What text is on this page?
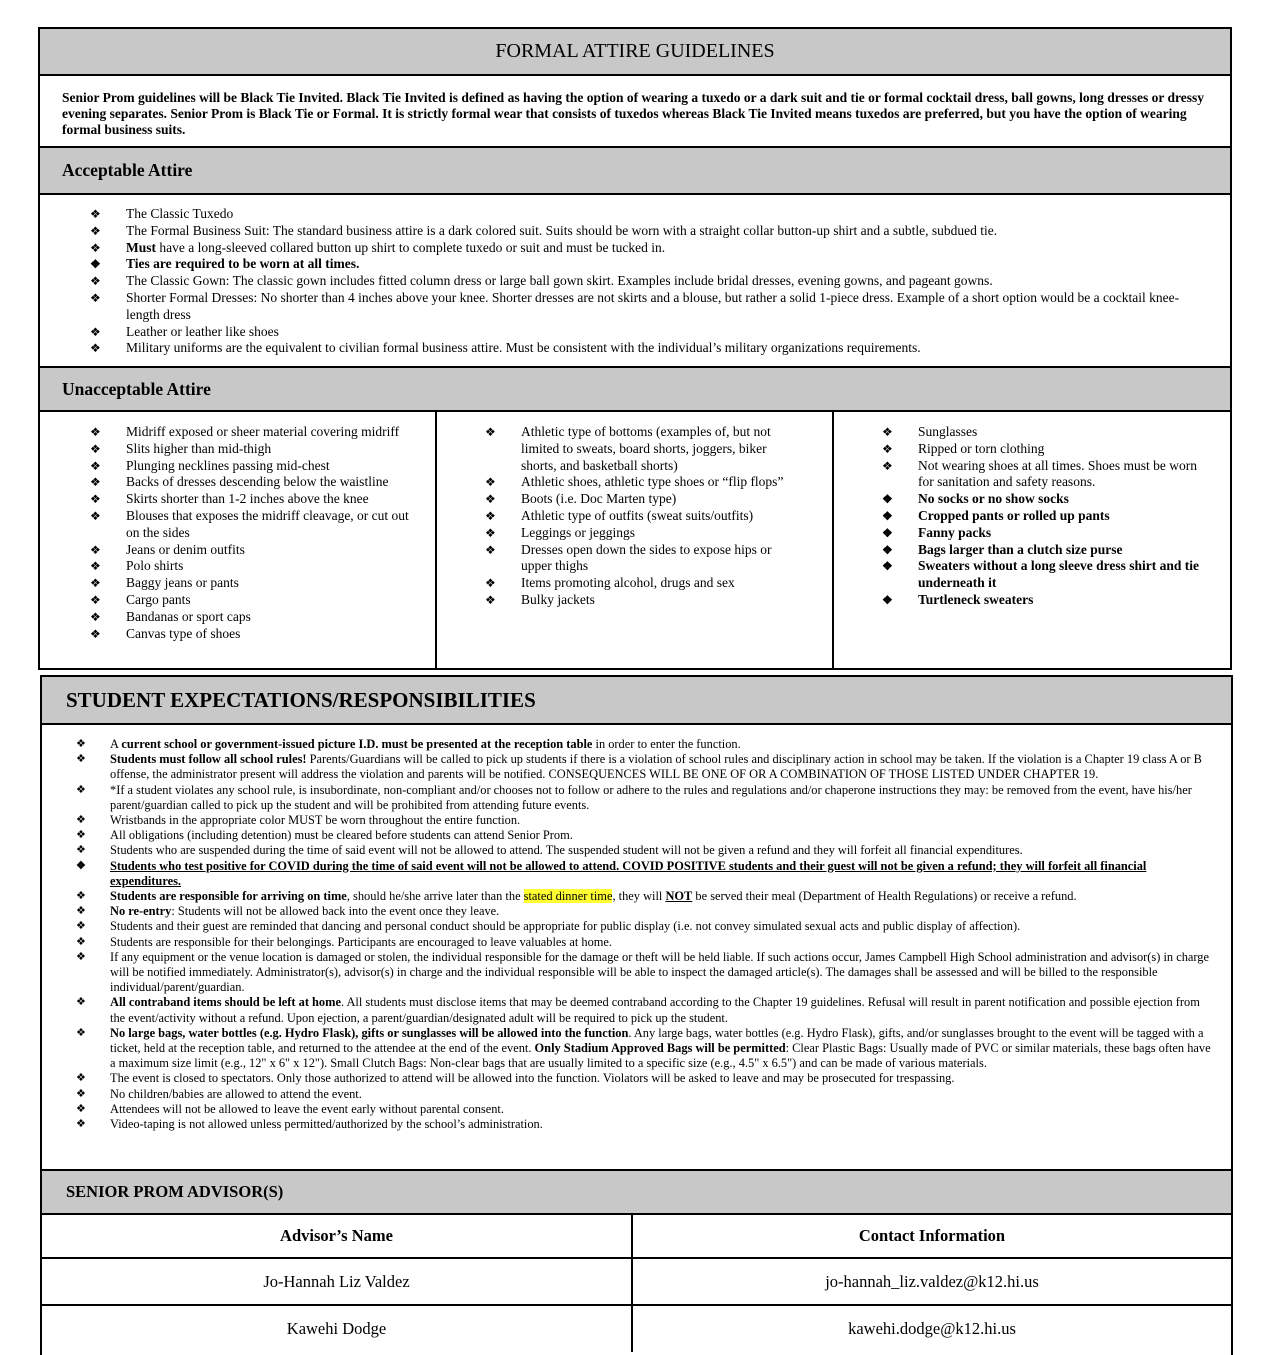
FORMAL ATTIRE GUIDELINES
Senior Prom guidelines will be Black Tie Invited. Black Tie Invited is defined as having the option of wearing a tuxedo or a dark suit and tie or formal cocktail dress, ball gowns, long dresses or dressy evening separates. Senior Prom is Black Tie or Formal. It is strictly formal wear that consists of tuxedos whereas Black Tie Invited means tuxedos are preferred, but you have the option of wearing formal business suits.
Acceptable Attire
❖ The Classic Tuxedo
❖ The Formal Business Suit: The standard business attire is a dark colored suit. Suits should be worn with a straight collar button-up shirt and a subtle, subdued tie.
❖ Must have a long-sleeved collared button up shirt to complete tuxedo or suit and must be tucked in.
❖ Ties are required to be worn at all times.
❖ The Classic Gown: The classic gown includes fitted column dress or large ball gown skirt. Examples include bridal dresses, evening gowns, and pageant gowns.
❖ Shorter Formal Dresses: No shorter than 4 inches above your knee. Shorter dresses are not skirts and a blouse, but rather a solid 1-piece dress. Example of a short option would be a cocktail knee-length dress
❖ Leather or leather like shoes
❖ Military uniforms are the equivalent to civilian formal business attire. Must be consistent with the individual’s military organizations requirements.
Unacceptable Attire
❖ Midriff exposed or sheer material covering midriff
❖ Slits higher than mid-thigh
❖ Plunging necklines passing mid-chest
❖ Backs of dresses descending below the waistline
❖ Skirts shorter than 1-2 inches above the knee
❖ Blouses that exposes the midriff cleavage, or cut out on the sides
❖ Jeans or denim outfits
❖ Polo shirts
❖ Baggy jeans or pants
❖ Cargo pants
❖ Bandanas or sport caps
❖ Canvas type of shoes
❖ Athletic type of bottoms (examples of, but not limited to sweats, board shorts, joggers, biker shorts, and basketball shorts)
❖ Athletic shoes, athletic type shoes or “flip flops”
❖ Boots (i.e. Doc Marten type)
❖ Athletic type of outfits (sweat suits/outfits)
❖ Leggings or jeggings
❖ Dresses open down the sides to expose hips or upper thighs
❖ Items promoting alcohol, drugs and sex
❖ Bulky jackets
❖ Sunglasses
❖ Ripped or torn clothing
❖ Not wearing shoes at all times. Shoes must be worn for sanitation and safety reasons.
❖ No socks or no show socks
❖ Cropped pants or rolled up pants
❖ Fanny packs
❖ Bags larger than a clutch size purse
❖ Sweaters without a long sleeve dress shirt and tie underneath it
❖ Turtleneck sweaters
STUDENT EXPECTATIONS/RESPONSIBILITIES
❖ A current school or government-issued picture I.D. must be presented at the reception table in order to enter the function.
❖ Students must follow all school rules! Parents/Guardians will be called to pick up students if there is a violation of school rules and disciplinary action in school may be taken. If the violation is a Chapter 19 class A or B offense, the administrator present will address the violation and parents will be notified. CONSEQUENCES WILL BE ONE OF OR A COMBINATION OF THOSE LISTED UNDER CHAPTER 19.
❖ *If a student violates any school rule, is insubordinate, non-compliant and/or chooses not to follow or adhere to the rules and regulations and/or chaperone instructions they may: be removed from the event, have his/her parent/guardian called to pick up the student and will be prohibited from attending future events.
❖ Wristbands in the appropriate color MUST be worn throughout the entire function.
❖ All obligations (including detention) must be cleared before students can attend Senior Prom.
❖ Students who are suspended during the time of said event will not be allowed to attend. The suspended student will not be given a refund and they will forfeit all financial expenditures.
❖ Students who test positive for COVID during the time of said event will not be allowed to attend. COVID POSITIVE students and their guest will not be given a refund; they will forfeit all financial expenditures.
❖ Students are responsible for arriving on time, should he/she arrive later than the stated dinner time, they will NOT be served their meal (Department of Health Regulations) or receive a refund.
❖ No re-entry: Students will not be allowed back into the event once they leave.
❖ Students and their guest are reminded that dancing and personal conduct should be appropriate for public display (i.e. not convey simulated sexual acts and public display of affection).
❖ Students are responsible for their belongings. Participants are encouraged to leave valuables at home.
❖ If any equipment or the venue location is damaged or stolen, the individual responsible for the damage or theft will be held liable. If such actions occur, James Campbell High School administration and advisor(s) in charge will be notified immediately. Administrator(s), advisor(s) in charge and the individual responsible will be able to inspect the damaged article(s). The damages shall be assessed and will be billed to the responsible individual/parent/guardian.
❖ All contraband items should be left at home. All students must disclose items that may be deemed contraband according to the Chapter 19 guidelines. Refusal will result in parent notification and possible ejection from the event/activity without a refund. Upon ejection, a parent/guardian/designated adult will be required to pick up the student.
❖ No large bags, water bottles (e.g. Hydro Flask), gifts or sunglasses will be allowed into the function. Any large bags, water bottles (e.g. Hydro Flask), gifts, and/or sunglasses brought to the event will be tagged with a ticket, held at the reception table, and returned to the attendee at the end of the event. Only Stadium Approved Bags will be permitted: Clear Plastic Bags: Usually made of PVC or similar materials, these bags often have a maximum size limit (e.g., 12" x 6" x 12"). Small Clutch Bags: Non-clear bags that are usually limited to a specific size (e.g., 4.5" x 6.5") and can be made of various materials.
❖ The event is closed to spectators. Only those authorized to attend will be allowed into the function. Violators will be asked to leave and may be prosecuted for trespassing.
❖ No children/babies are allowed to attend the event.
❖ Attendees will not be allowed to leave the event early without parental consent.
❖ Video-taping is not allowed unless permitted/authorized by the school’s administration.
SENIOR PROM ADVISOR(S)
Advisor’s Name	Contact Information
Jo-Hannah Liz Valdez	jo-hannah_liz.valdez@k12.hi.us
Kawehi Dodge	kawehi.dodge@k12.hi.us
